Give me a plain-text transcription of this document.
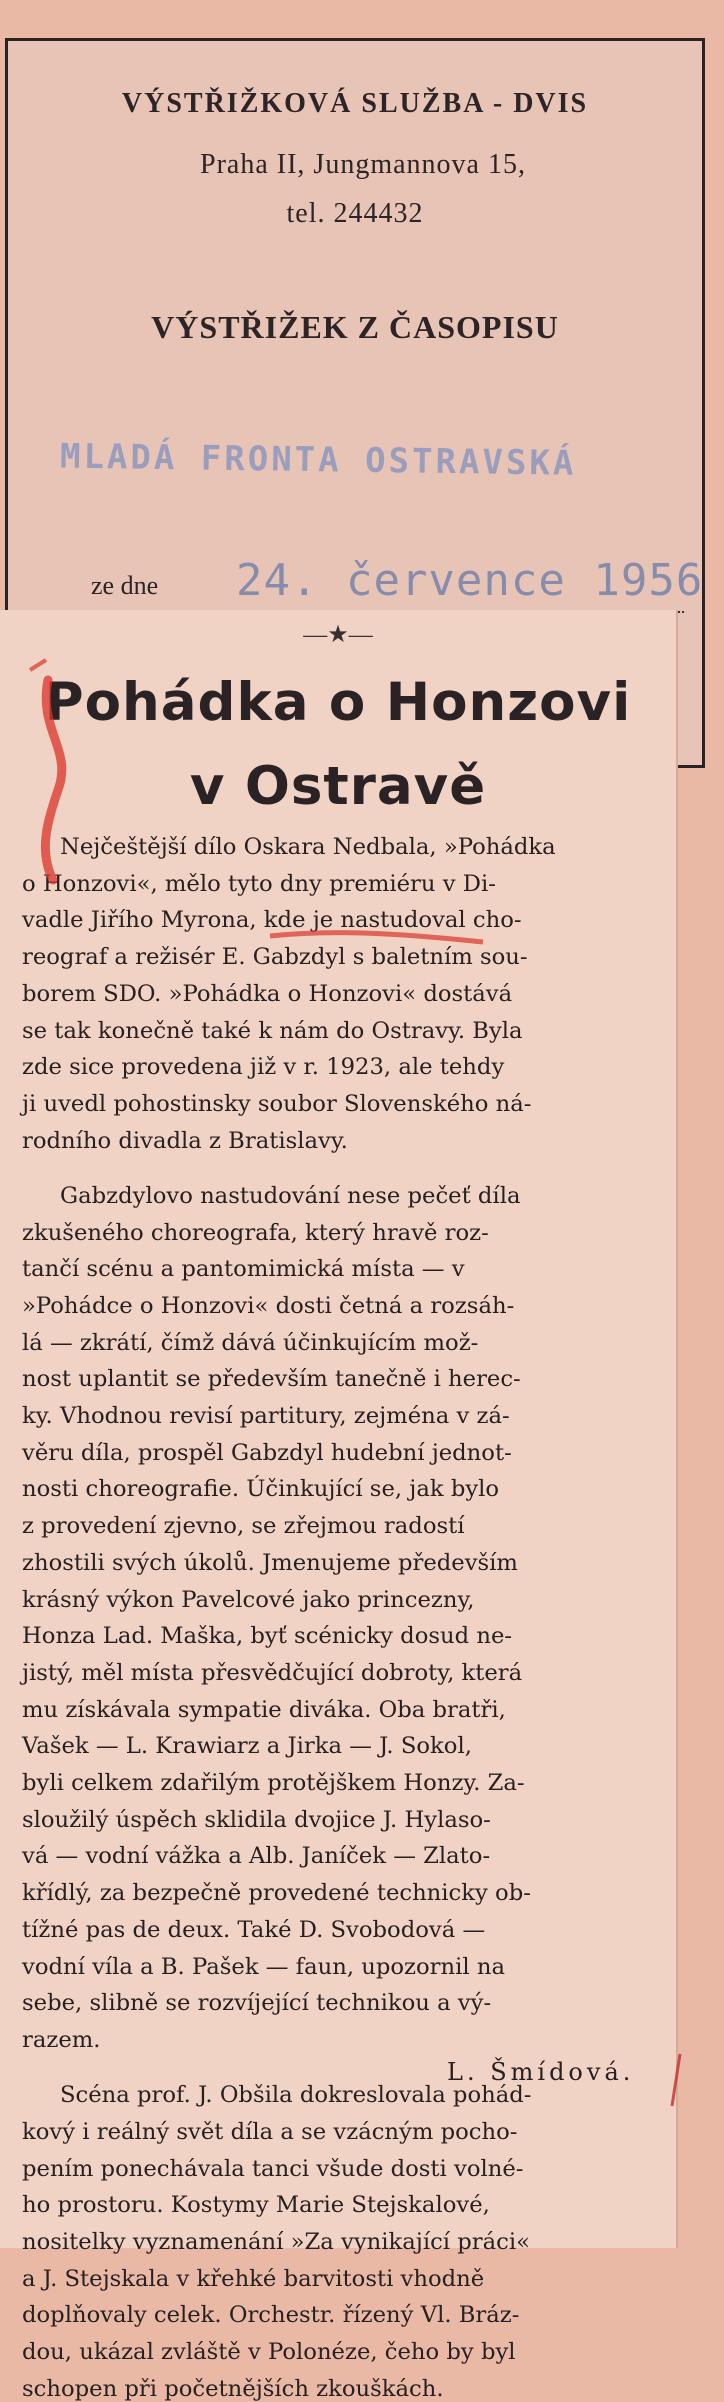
VÝSTŘIŽKOVÁ SLUŽBA - DVIS
Praha II, Jungmannova 15,
tel. 244432
VÝSTŘIŽEK Z ČASOPISU
MLADÁ FRONTA OSTRAVSKÁ
ze dne 24. července 1956
—★—
Pohádka o Honzovi
v Ostravě
Nejčeštější dílo Oskara Nedbala, »Pohádka
o Honzovi«, mělo tyto dny premiéru v Di-
vadle Jiřího Myrona, kde je nastudoval cho-
reograf a režisér E. Gabzdyl s baletním sou-
borem SDO. »Pohádka o Honzovi« dostává
se tak konečně také k nám do Ostravy. Byla
zde sice provedena již v r. 1923, ale tehdy
ji uvedl pohostinsky soubor Slovenského ná-
rodního divadla z Bratislavy.
Gabzdylovo nastudování nese pečeť díla
zkušeného choreografa, který hravě roz-
tančí scénu a pantomimická místa — v
»Pohádce o Honzovi« dosti četná a rozsáh-
lá — zkrátí, čímž dává účinkujícím mož-
nost uplantit se především tanečně i herec-
ky. Vhodnou revisí partitury, zejména v zá-
věru díla, prospěl Gabzdyl hudební jednot-
nosti choreografie. Účinkující se, jak bylo
z provedení zjevno, se zřejmou radostí
zhostili svých úkolů. Jmenujeme především
krásný výkon Pavelcové jako princezny,
Honza Lad. Maška, byť scénicky dosud ne-
jistý, měl místa přesvědčující dobroty, která
mu získávala sympatie diváka. Oba bratři,
Vašek — L. Krawiarz a Jirka — J. Sokol,
byli celkem zdařilým protějškem Honzy. Za-
sloužilý úspěch sklidila dvojice J. Hylaso-
vá — vodní vážka a Alb. Janíček — Zlato-
křídlý, za bezpečně provedené technicky ob-
tížné pas de deux. Také D. Svobodová —
vodní víla a B. Pašek — faun, upozornil na
sebe, slibně se rozvíjející technikou a vý-
razem.
Scéna prof. J. Obšila dokreslovala pohád-
kový i reálný svět díla a se vzácným pocho-
pením ponechávala tanci všude dosti volné-
ho prostoru. Kostymy Marie Stejskalové,
nositelky vyznamenání »Za vynikající práci«
a J. Stejskala v křehké barvitosti vhodně
doplňovaly celek. Orchestr. řízený Vl. Bráz-
dou, ukázal zvláště v Polonéze, čeho by byl
schopen při početnějších zkouškách.
L. Šmídová.
